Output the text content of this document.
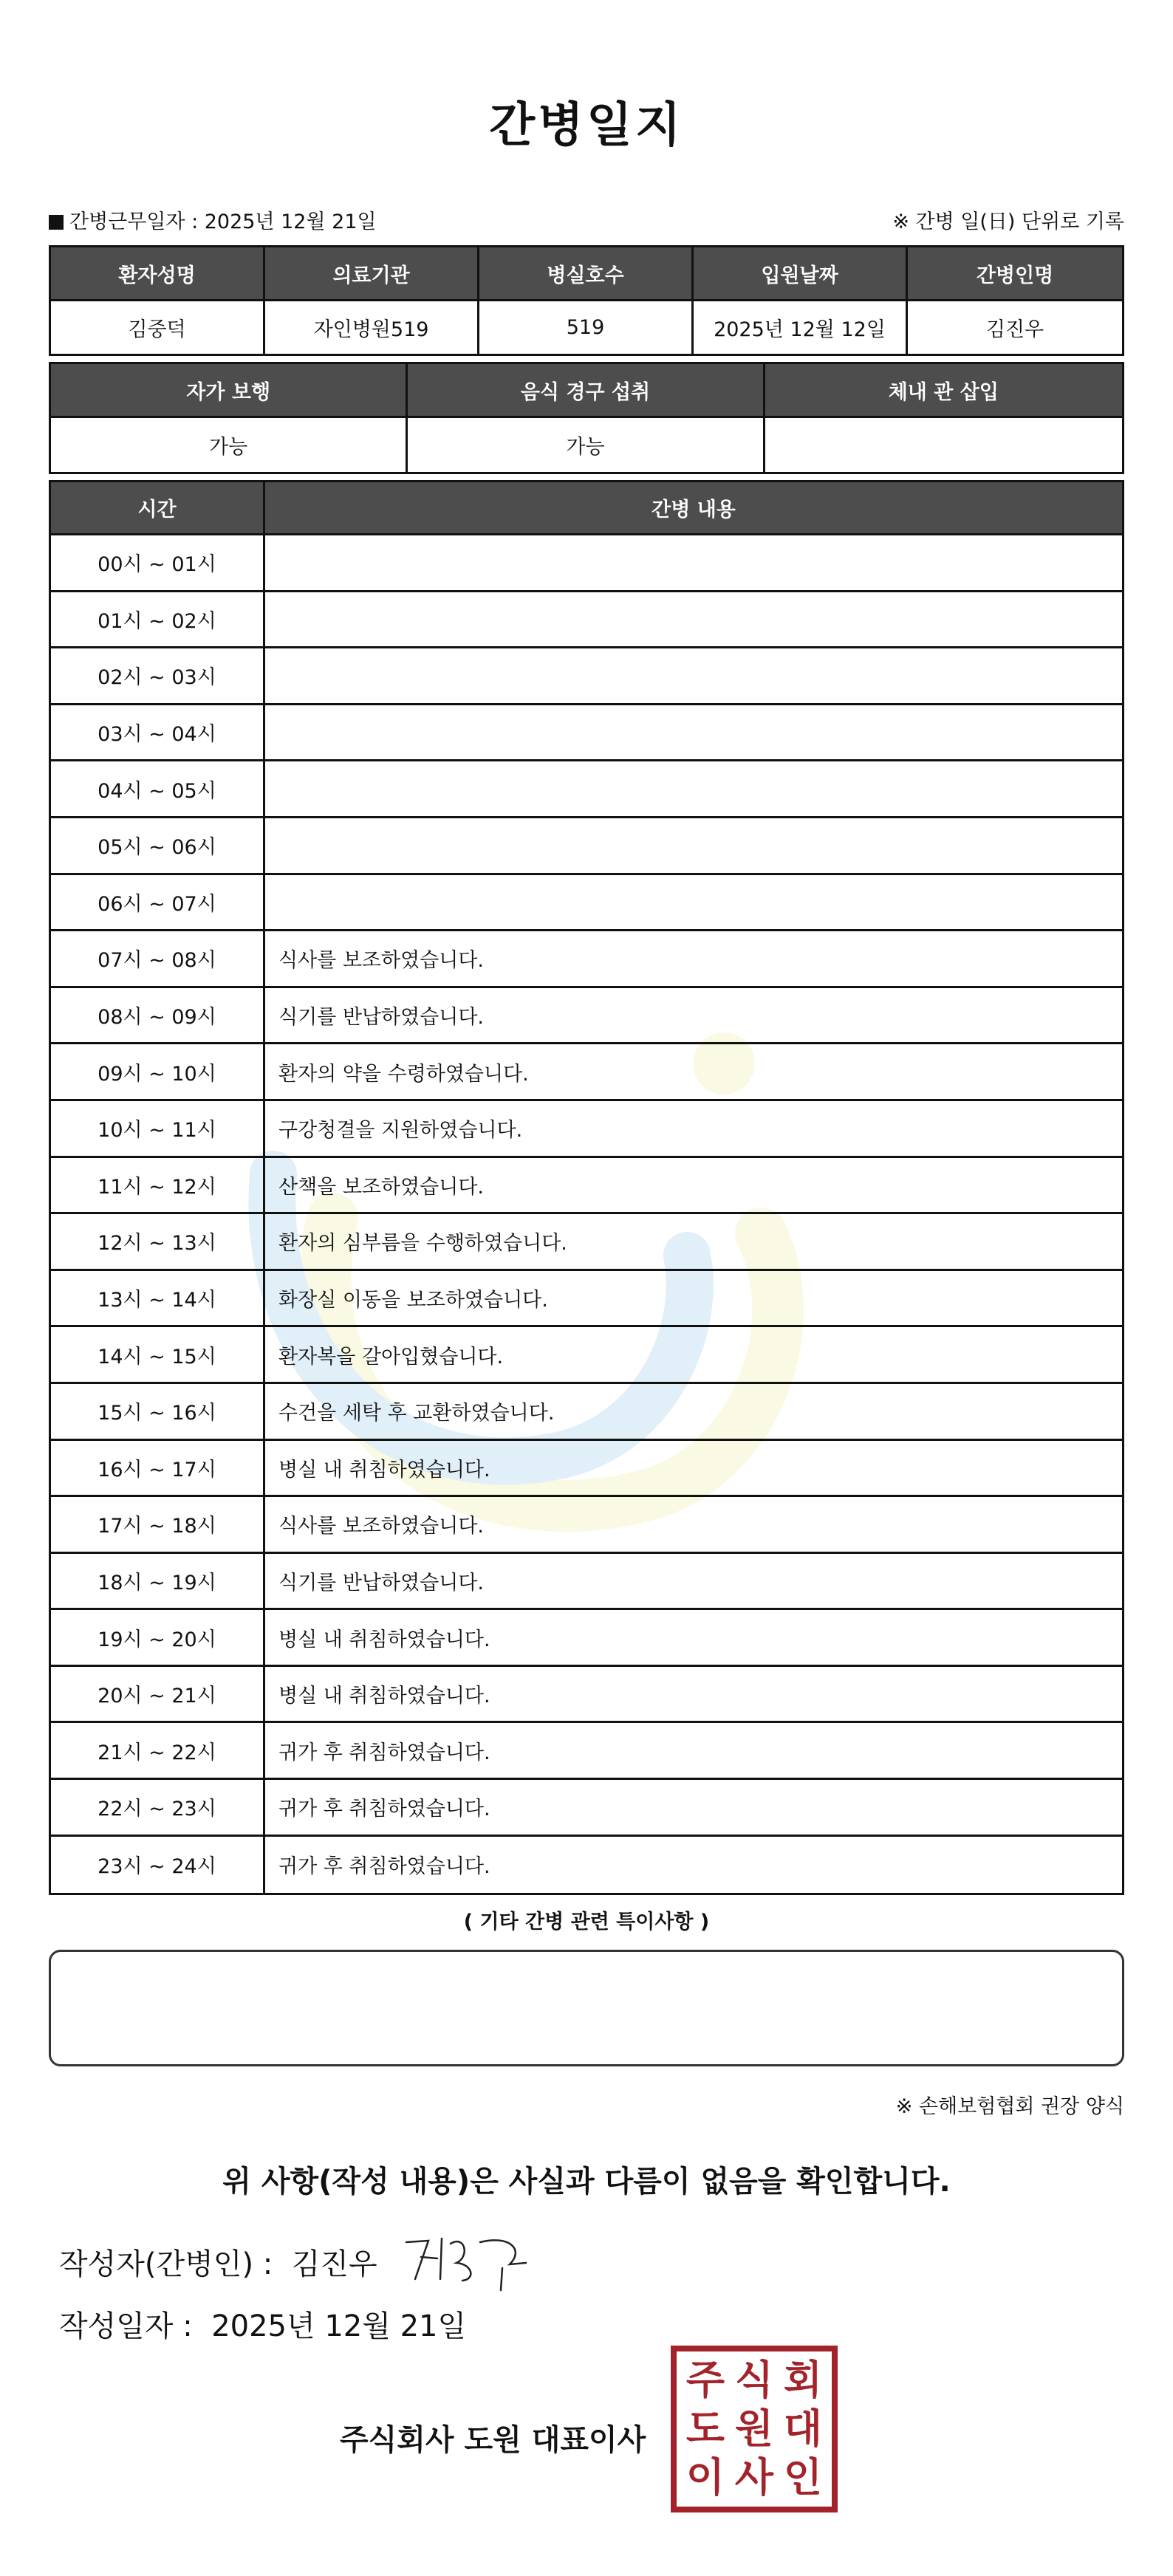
간병일지
간병근무일자 : 2025년 12월 21일	※ 간병 일(日) 단위로 기록
환자성명	의료기관	병실호수	입원날짜	간병인명
김중덕	자인병원519	519	2025년 12월 12일	김진우
자가 보행	음식 경구 섭취	체내 관 삽입
가능	가능
시간	간병 내용
00시 ~ 01시
01시 ~ 02시
02시 ~ 03시
03시 ~ 04시
04시 ~ 05시
05시 ~ 06시
06시 ~ 07시
07시 ~ 08시	식사를 보조하였습니다.
08시 ~ 09시	식기를 반납하였습니다.
09시 ~ 10시	환자의 약을 수령하였습니다.
10시 ~ 11시	구강청결을 지원하였습니다.
11시 ~ 12시	산책을 보조하였습니다.
12시 ~ 13시	환자의 심부름을 수행하였습니다.
13시 ~ 14시	화장실 이동을 보조하였습니다.
14시 ~ 15시	환자복을 갈아입혔습니다.
15시 ~ 16시	수건을 세탁 후 교환하였습니다.
16시 ~ 17시	병실 내 취침하였습니다.
17시 ~ 18시	식사를 보조하였습니다.
18시 ~ 19시	식기를 반납하였습니다.
19시 ~ 20시	병실 내 취침하였습니다.
20시 ~ 21시	병실 내 취침하였습니다.
21시 ~ 22시	귀가 후 취침하였습니다.
22시 ~ 23시	귀가 후 취침하였습니다.
23시 ~ 24시	귀가 후 취침하였습니다.
( 기타 간병 관련 특이사항 )
※ 손해보험협회 권장 양식
위 사항(작성 내용)은 사실과 다름이 없음을 확인합니다.
작성자(간병인) : 김진우
작성일자 : 2025년 12월 21일
주식회사 도원 대표이사
주 식 회
도 원 대
이 사 인
